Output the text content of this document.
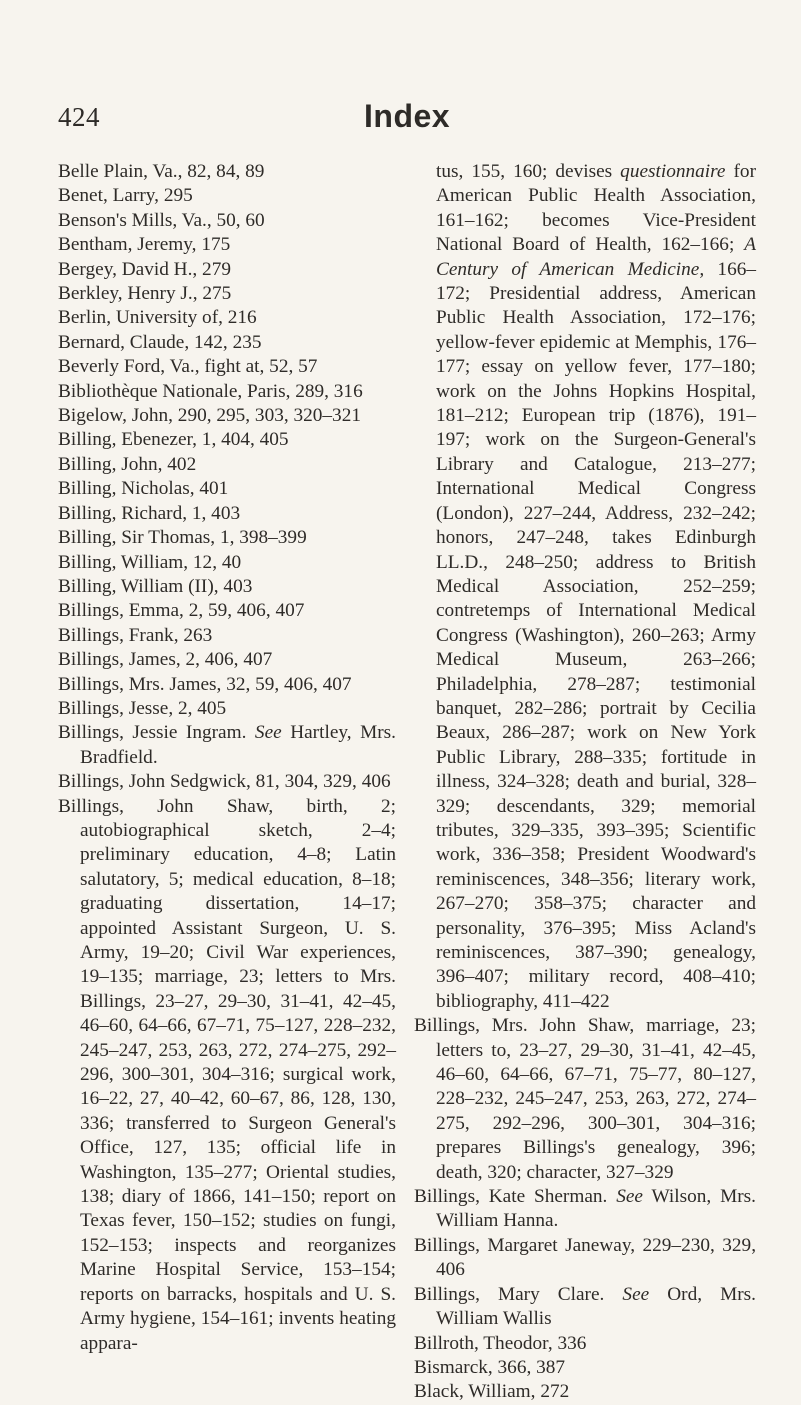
424	Index

Belle Plain, Va., 82, 84, 89

Benet, Larry, 295

Benson's Mills, Va., 50, 60

Bentham, Jeremy, 175

Bergey, David H., 279

Berkley, Henry J., 275

Berlin, University of, 216

Bernard, Claude, 142, 235

Beverly Ford, Va., fight at, 52, 57

Bibliothèque Nationale, Paris, 289, 316

Bigelow, John, 290, 295, 303, 320–321

Billing, Ebenezer, 1, 404, 405

Billing, John, 402

Billing, Nicholas, 401

Billing, Richard, 1, 403

Billing, Sir Thomas, 1, 398–399

Billing, William, 12, 40

Billing, William (II), 403

Billings, Emma, 2, 59, 406, 407

Billings, Frank, 263

Billings, James, 2, 406, 407

Billings, Mrs. James, 32, 59, 406, 407

Billings, Jesse, 2, 405

Billings, Jessie Ingram. See Hartley, Mrs. Bradfield.

Billings, John Sedgwick, 81, 304, 329, 406

Billings, John Shaw, birth, 2; autobiographical sketch, 2–4; preliminary education, 4–8; Latin salutatory, 5; medical education, 8–18; graduating dissertation, 14–17; appointed Assistant Surgeon, U. S. Army, 19–20; Civil War experiences, 19–135; marriage, 23; letters to Mrs. Billings, 23–27, 29–30, 31–41, 42–45, 46–60, 64–66, 67–71, 75–127, 228–232, 245–247, 253, 263, 272, 274–275, 292–296, 300–301, 304–316; surgical work, 16–22, 27, 40–42, 60–67, 86, 128, 130, 336; transferred to Surgeon General's Office, 127, 135; official life in Washington, 135–277; Oriental studies, 138; diary of 1866, 141–150; report on Texas fever, 150–152; studies on fungi, 152–153; inspects and reorganizes Marine Hospital Service, 153–154; reports on barracks, hospitals and U. S. Army hygiene, 154–161; invents heating appara-

tus, 155, 160; devises questionnaire for American Public Health Association, 161–162; becomes Vice-President National Board of Health, 162–166; A Century of American Medicine, 166–172; Presidential address, American Public Health Association, 172–176; yellow-fever epidemic at Memphis, 176–177; essay on yellow fever, 177–180; work on the Johns Hopkins Hospital, 181–212; European trip (1876), 191–197; work on the Surgeon-General's Library and Catalogue, 213–277; International Medical Congress (London), 227–244, Address, 232–242; honors, 247–248, takes Edinburgh LL.D., 248–250; address to British Medical Association, 252–259; contretemps of International Medical Congress (Washington), 260–263; Army Medical Museum, 263–266; Philadelphia, 278–287; testimonial banquet, 282–286; portrait by Cecilia Beaux, 286–287; work on New York Public Library, 288–335; fortitude in illness, 324–328; death and burial, 328–329; descendants, 329; memorial tributes, 329–335, 393–395; Scientific work, 336–358; President Woodward's reminiscences, 348–356; literary work, 267–270; 358–375; character and personality, 376–395; Miss Acland's reminiscences, 387–390; genealogy, 396–407; military record, 408–410; bibliography, 411–422

Billings, Mrs. John Shaw, marriage, 23; letters to, 23–27, 29–30, 31–41, 42–45, 46–60, 64–66, 67–71, 75–77, 80–127, 228–232, 245–247, 253, 263, 272, 274–275, 292–296, 300–301, 304–316; prepares Billings's genealogy, 396; death, 320; character, 327–329

Billings, Kate Sherman. See Wilson, Mrs. William Hanna.

Billings, Margaret Janeway, 229–230, 329, 406

Billings, Mary Clare. See Ord, Mrs. William Wallis

Billroth, Theodor, 336

Bismarck, 366, 387

Black, William, 272
